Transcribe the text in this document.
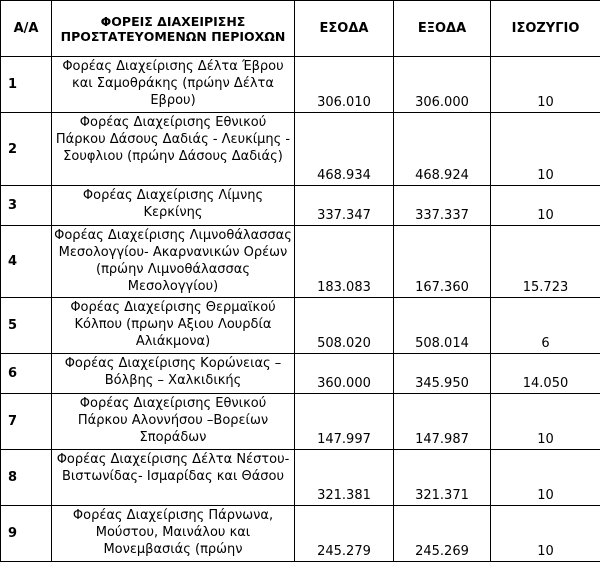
Α/Α	ΦΟΡΕΙΣ ΔΙΑΧΕΙΡΙΣΗΣ ΠΡΟΣΤΑΤΕΥΟΜΕΝΩΝ ΠΕΡΙΟΧΩΝ	ΕΣΟΔΑ	ΕΞΟΔΑ	ΙΣΟΖΥΓΙΟ
1	Φορέας Διαχείρισης Δέλτα Έβρου και Σαμοθράκης (πρώην Δέλτα Εβρου)	306.010	306.000	10
2	Φορέας Διαχείρισης Εθνικού Πάρκου Δάσους Δαδιάς - Λευκίμης - Σουφλιου (πρώην Δάσους Δαδιάς)	468.934	468.924	10
3	Φορέας Διαχείρισης Λίμνης Κερκίνης	337.347	337.337	10
4	Φορέας Διαχείρισης Λιμνοθάλασσας Μεσολογγίου- Ακαρνανικών Ορέων (πρώην Λιμνοθάλασσας Μεσολογγίου)	183.083	167.360	15.723
5	Φορέας Διαχείρισης Θερμαϊκού Κόλπου (πρωην Αξιου Λουρδία Αλιάκμονα)	508.020	508.014	6
6	Φορέας Διαχείρισης Κορώνειας – Βόλβης – Χαλκιδικής	360.000	345.950	14.050
7	Φορέας Διαχείρισης Εθνικού Πάρκου Αλοννήσου –Βορείων Σποράδων	147.997	147.987	10
8	Φορέας Διαχείρισης Δέλτα Νέστου- Βιστωνίδας- Ισμαρίδας και Θάσου	321.381	321.371	10
9	Φορέας Διαχείρισης Πάρνωνα, Μούστου, Μαινάλου και Μονεμβασιάς (πρώην	245.279	245.269	10
